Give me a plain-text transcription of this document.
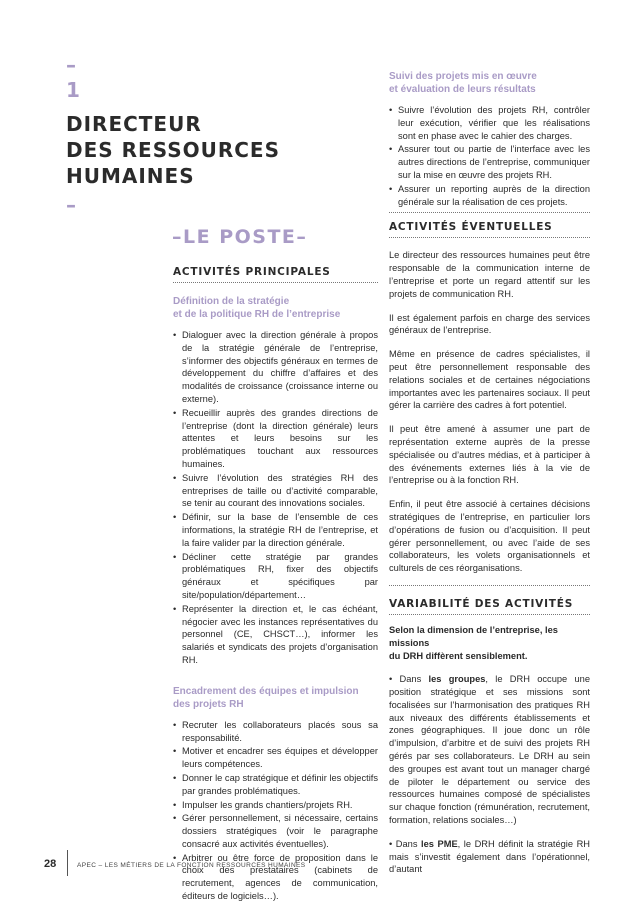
–
1
DIRECTEUR
DES RESSOURCES
HUMAINES
–
–LE POSTE–
ACTIVITÉS PRINCIPALES
Définition de la stratégie
et de la politique RH de l’entreprise
• Dialoguer avec la direction générale à propos de la stratégie générale de l’entreprise, s’informer des objectifs généraux en termes de développement du chiffre d’affaires et des modalités de croissance (croissance interne ou externe).
• Recueillir auprès des grandes directions de l’entreprise (dont la direction générale) leurs attentes et leurs besoins sur les problématiques touchant aux ressources humaines.
• Suivre l’évolution des stratégies RH des entreprises de taille ou d’activité comparable, se tenir au courant des innovations sociales.
• Définir, sur la base de l’ensemble de ces informations, la stratégie RH de l’entreprise, et la faire valider par la direction générale.
• Décliner cette stratégie par grandes problématiques RH, fixer des objectifs généraux et spécifiques par site/population/département…
• Représenter la direction et, le cas échéant, négocier avec les instances représentatives du personnel (CE, CHSCT…), informer les salariés et syndicats des projets d’organisation RH.
Encadrement des équipes et impulsion
des projets RH
• Recruter les collaborateurs placés sous sa responsabilité.
• Motiver et encadrer ses équipes et développer leurs compétences.
• Donner le cap stratégique et définir les objectifs par grandes problématiques.
• Impulser les grands chantiers/projets RH.
• Gérer personnellement, si nécessaire, certains dossiers stratégiques (voir le paragraphe consacré aux activités éventuelles).
• Arbitrer ou être force de proposition dans le choix des prestataires (cabinets de recrutement, agences de communication, éditeurs de logiciels…).
Suivi des projets mis en œuvre
et évaluation de leurs résultats
• Suivre l’évolution des projets RH, contrôler leur exécution, vérifier que les réalisations sont en phase avec le cahier des charges.
• Assurer tout ou partie de l’interface avec les autres directions de l’entreprise, communiquer sur la mise en œuvre des projets RH.
• Assurer un reporting auprès de la direction générale sur la réalisation de ces projets.
ACTIVITÉS ÉVENTUELLES

Le directeur des ressources humaines peut être responsable de la communication interne de l’entreprise et porte un regard attentif sur les projets de communication RH.

Il est également parfois en charge des services généraux de l’entreprise.

Même en présence de cadres spécialistes, il peut être personnellement responsable des relations sociales et de certaines négociations importantes avec les partenaires sociaux. Il peut gérer la carrière des cadres à fort potentiel.

Il peut être amené à assumer une part de représentation externe auprès de la presse spécialisée ou d’autres médias, et à participer à des événements externes liés à la vie de l’entreprise ou à la fonction RH.

Enfin, il peut être associé à certaines décisions stratégiques de l’entreprise, en particulier lors d’opérations de fusion ou d’acquisition. Il peut gérer personnellement, ou avec l’aide de ses collaborateurs, les volets organisationnels et culturels de ces réorganisations.

VARIABILITÉ DES ACTIVITÉS
Selon la dimension de l’entreprise, les missions
du DRH diffèrent sensiblement.

• Dans les groupes, le DRH occupe une position stratégique et ses missions sont focalisées sur l’harmonisation des pratiques RH aux niveaux des différents établissements et zones géographiques. Il joue donc un rôle d’impulsion, d’arbitre et de suivi des projets RH gérés par ses collaborateurs. Le DRH au sein des groupes est avant tout un manager chargé de piloter le département ou service des ressources humaines composé de spécialistes sur chaque fonction (rémunération, recrutement, formation, relations sociales…)

• Dans les PME, le DRH définit la stratégie RH mais s’investit également dans l’opérationnel, d’autant

28	APEC – LES MÉTIERS DE LA FONCTION RESSOURCES HUMAINES
